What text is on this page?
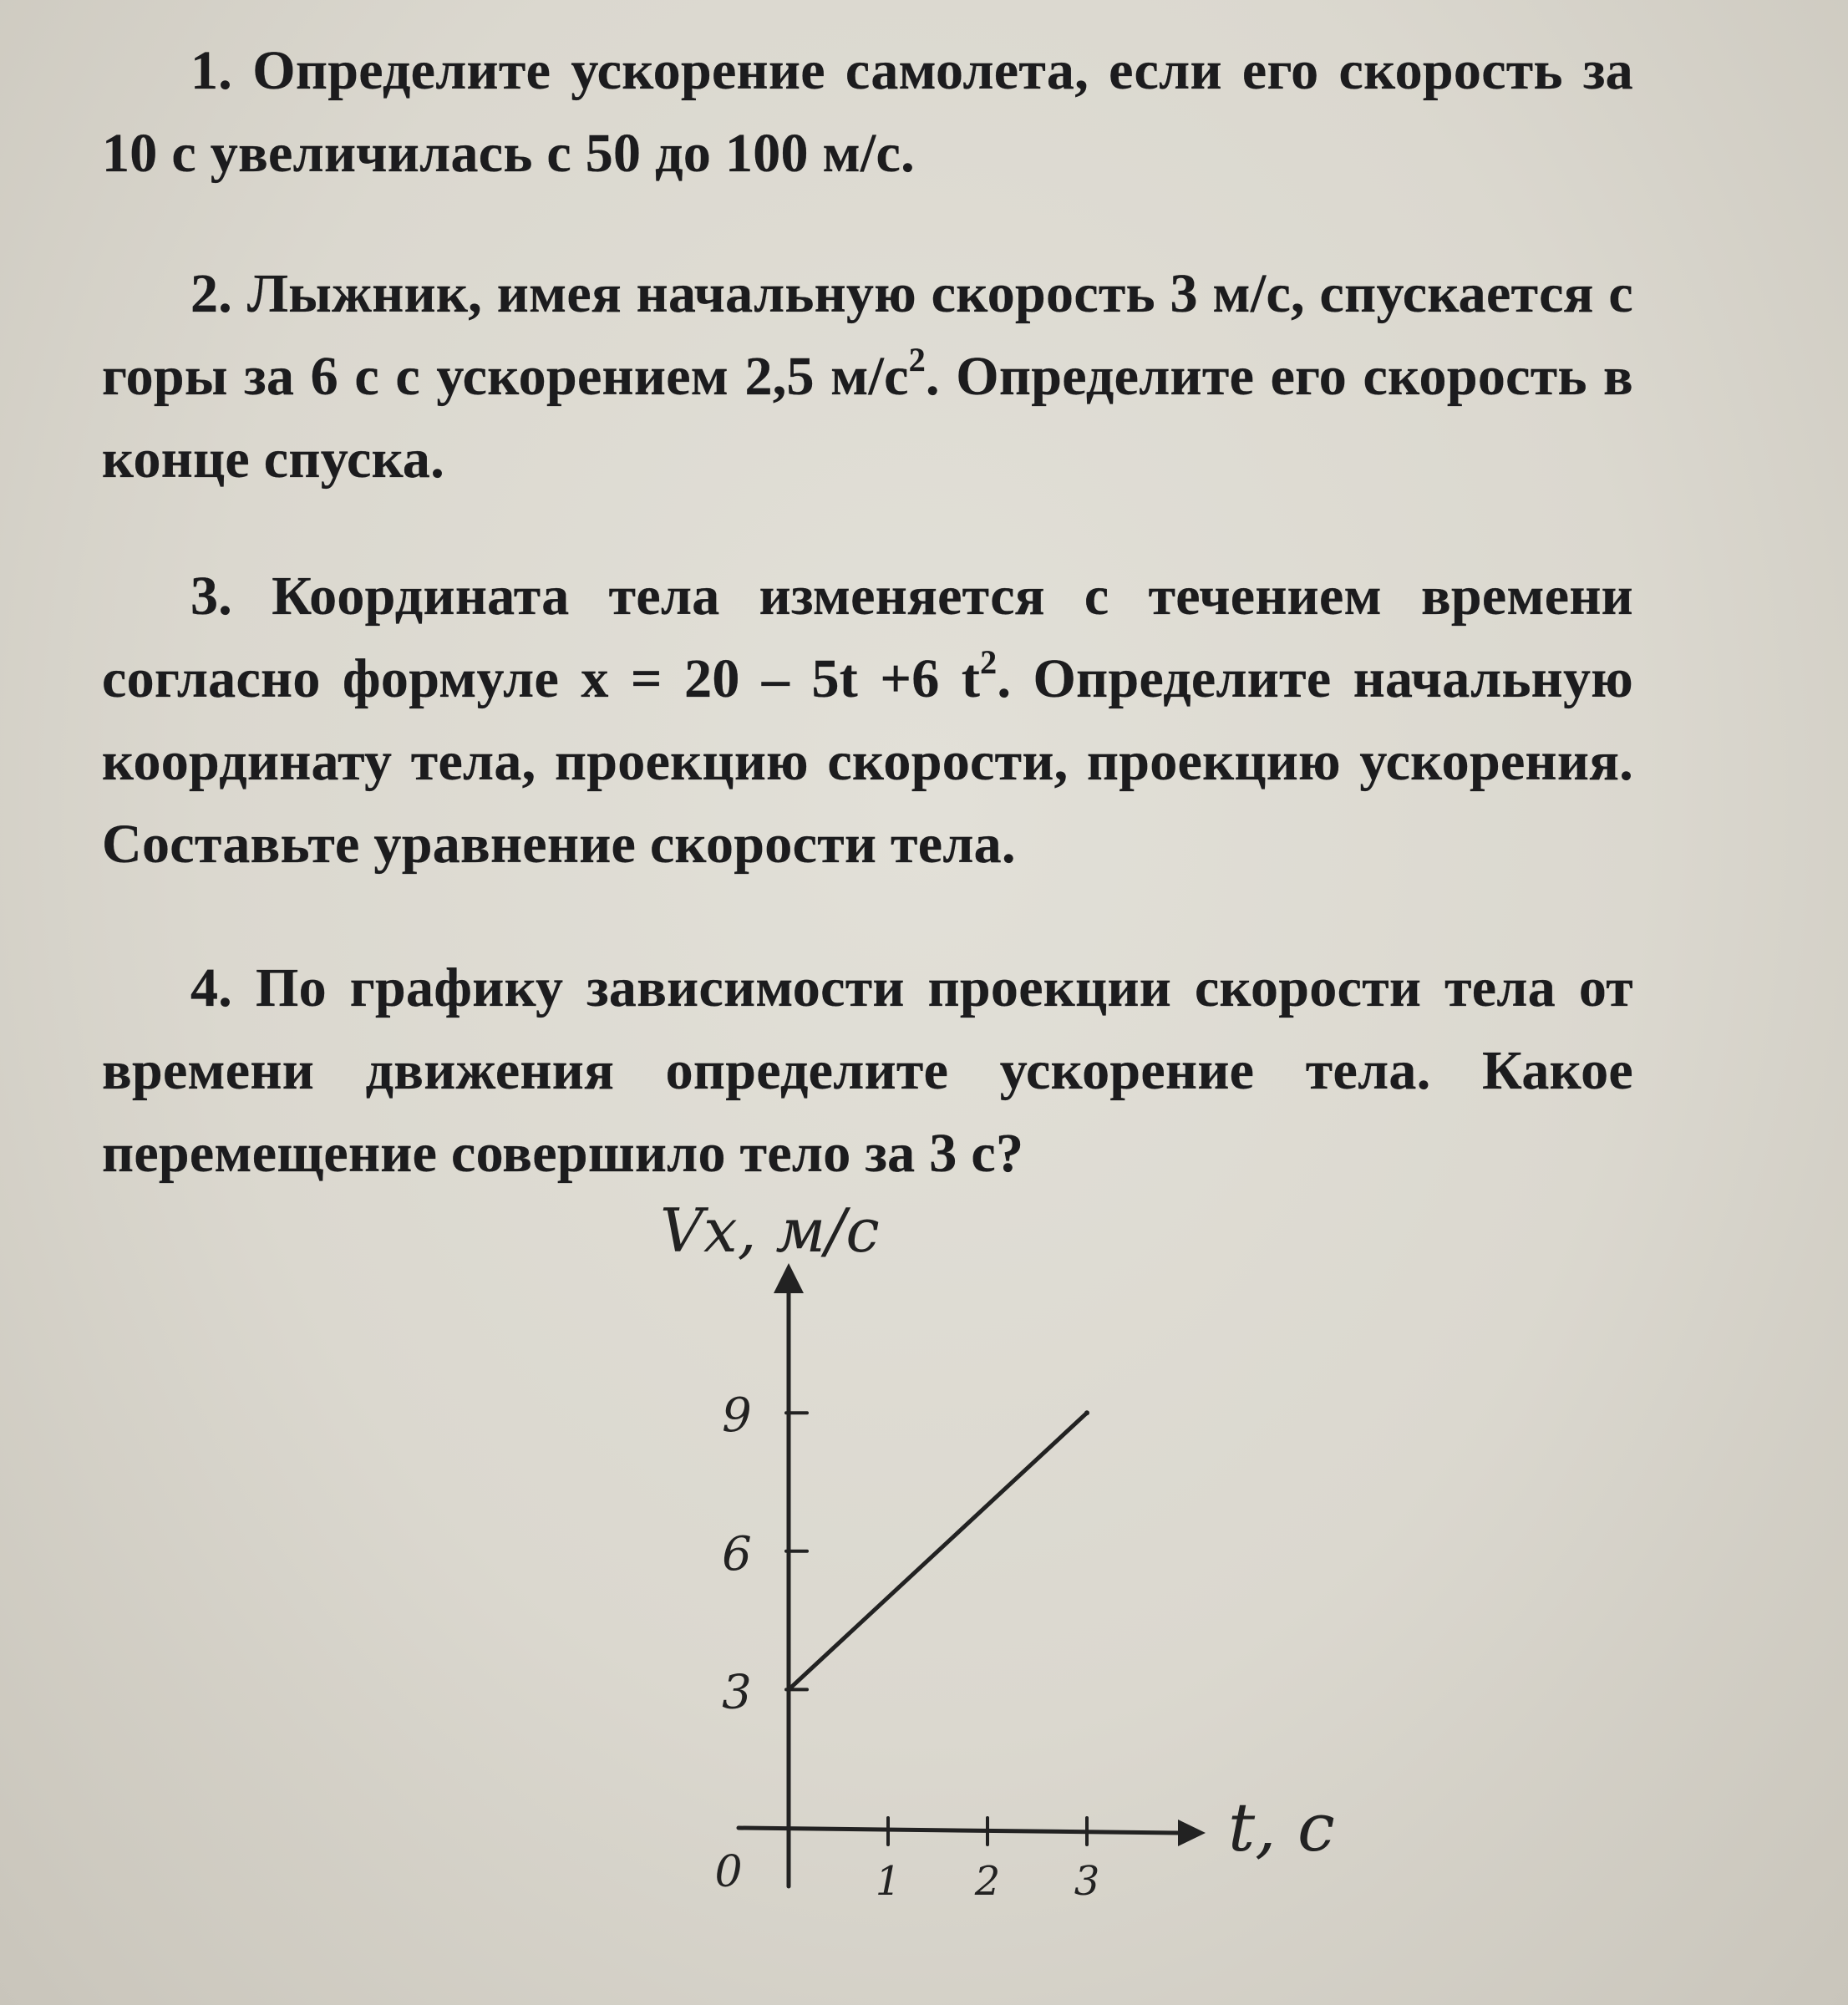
1. Определите ускорение самолета, если его скорость за 10 с увеличилась с 50 до 100 м/с.
2. Лыжник, имея начальную скорость 3 м/с, спускается с горы за 6 с с ускорением 2,5 $м/с^2$. Определите его скорость в конце спуска.
3. Координата тела изменяется с течением времени согласно формуле x = 20 – 5t +6 $t^2$. Определите начальную координату тела, проекцию скорости, проекцию ускорения. Составьте уравнение скорости тела.
4. По графику зависимости проекции скорости тела от времени движения определите ускорение тела. Какое перемещение совершило тело за 3 с?
1 2 3
3
6
9
0
Vx, м/с
t, c
